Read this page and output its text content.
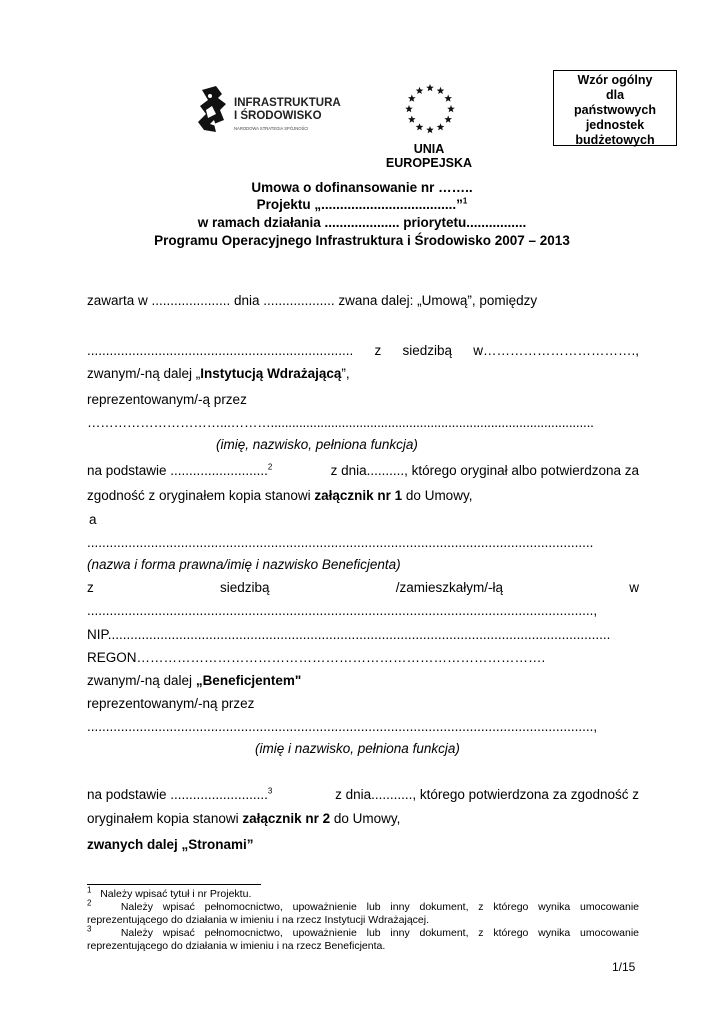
Wzór ogólny
dla
państwowych
jednostek
budżetowych
INFRASTRUKTURA
I ŚRODOWISKO
NARODOWA STRATEGIA SPÓJNOŚCI
UNIA
EUROPEJSKA
Umowa o dofinansowanie nr ……..
Projektu „....................................”$^1$
w ramach działania .................... priorytetu................
Programu Operacyjnego Infrastruktura i Środowisko 2007 – 2013
zawarta w ..................... dnia ................... zwana dalej: „Umową”, pomiędzy
....................................................................... z siedzibą w…………………………….,
zwanym/-ną dalej „Instytucją Wdrażającą”,
reprezentowanym/-ą przez
…………………………...………...........................................................................................
(imię, nazwisko, pełniona funkcja)
na podstawie ..........................$^2$	z dnia.........., którego oryginał albo potwierdzona za
zgodność z oryginałem kopia stanowi załącznik nr 1 do Umowy,
a
.......................................................................................................................................
(nazwa i forma prawna/imię i nazwisko Beneficjenta)
z	siedzibą	/zamieszkałym/-łą	w
.......................................................................................................................................,
NIP......................................................................................................................................
REGON……………………………………………………………………………….
zwanym/-ną dalej „Beneficjentem"
reprezentowanym/-ną przez
.......................................................................................................................................,
(imię i nazwisko, pełniona funkcja)
na podstawie ..........................$^3$	z dnia..........., którego potwierdzona za zgodność z
oryginałem kopia stanowi załącznik nr 2 do Umowy,
zwanych dalej „Stronami”
$^1$ Należy wpisać tytuł i nr Projektu.
$^2$	Należy wpisać pełnomocnictwo, upoważnienie lub inny dokument, z którego wynika umocowanie
reprezentującego do działania w imieniu i na rzecz Instytucji Wdrażającej.
$^3$	Należy wpisać pełnomocnictwo, upoważnienie lub inny dokument, z którego wynika umocowanie
reprezentującego do działania w imieniu i na rzecz Beneficjenta.
1/15
